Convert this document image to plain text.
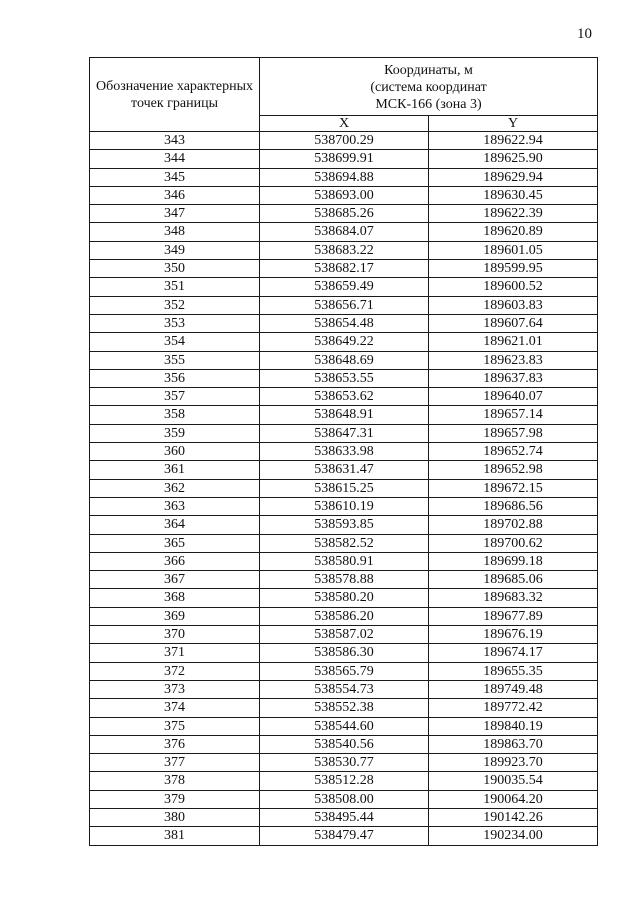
10
Обозначение характерных точек границы	Координаты, м
(система координат
МСК-166 (зона 3)	

	X	Y
343	538700.29	189622.94
344	538699.91	189625.90
345	538694.88	189629.94
346	538693.00	189630.45
347	538685.26	189622.39
348	538684.07	189620.89
349	538683.22	189601.05
350	538682.17	189599.95
351	538659.49	189600.52
352	538656.71	189603.83
353	538654.48	189607.64
354	538649.22	189621.01
355	538648.69	189623.83
356	538653.55	189637.83
357	538653.62	189640.07
358	538648.91	189657.14
359	538647.31	189657.98
360	538633.98	189652.74
361	538631.47	189652.98
362	538615.25	189672.15
363	538610.19	189686.56
364	538593.85	189702.88
365	538582.52	189700.62
366	538580.91	189699.18
367	538578.88	189685.06
368	538580.20	189683.32
369	538586.20	189677.89
370	538587.02	189676.19
371	538586.30	189674.17
372	538565.79	189655.35
373	538554.73	189749.48
374	538552.38	189772.42
375	538544.60	189840.19
376	538540.56	189863.70
377	538530.77	189923.70
378	538512.28	190035.54
379	538508.00	190064.20
380	538495.44	190142.26
381	538479.47	190234.00
